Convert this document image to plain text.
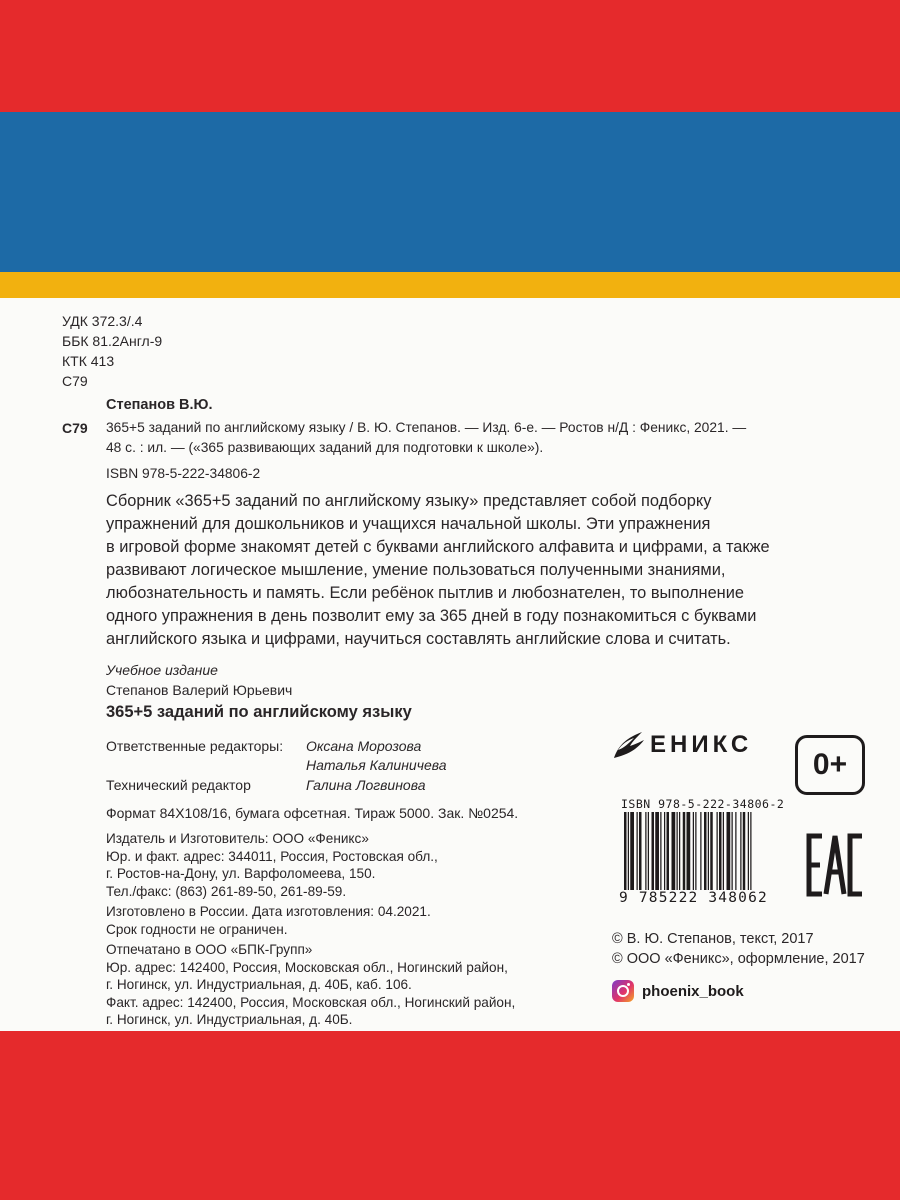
УДК 372.3/.4
ББК 81.2Англ-9
КТК 413
С79
Степанов В.Ю.
С79 365+5 заданий по английскому языку / В. Ю. Степанов. — Изд. 6-е. — Ростов н/Д : Феникс, 2021. —
48 с. : ил. — («365 развивающих заданий для подготовки к школе»).
ISBN 978-5-222-34806-2
Сборник «365+5 заданий по английскому языку» представляет собой подборку
упражнений для дошкольников и учащихся начальной школы. Эти упражнения
в игровой форме знакомят детей с буквами английского алфавита и цифрами, а также
развивают логическое мышление, умение пользоваться полученными знаниями,
любознательность и память. Если ребёнок пытлив и любознателен, то выполнение
одного упражнения в день позволит ему за 365 дней в году познакомиться с буквами
английского языка и цифрами, научиться составлять английские слова и считать.
Учебное издание
Степанов Валерий Юрьевич
365+5 заданий по английскому языку
Ответственные редакторы: Оксана Морозова
Наталья Калиничева
Технический редактор	Галина Логвинова
Формат 84X108/16, бумага офсетная. Тираж 5000. Зак. №0254.
Издатель и Изготовитель: ООО «Феникс»
Юр. и факт. адрес: 344011, Россия, Ростовская обл.,
г. Ростов-на-Дону, ул. Варфоломеева, 150.
Тел./факс: (863) 261-89-50, 261-89-59.
Изготовлено в России. Дата изготовления: 04.2021.
Срок годности не ограничен.
Отпечатано в ООО «БПК-Групп»
Юр. адрес: 142400, Россия, Московская обл., Ногинский район,
г. Ногинск, ул. Индустриальная, д. 40Б, каб. 106.
Факт. адрес: 142400, Россия, Московская обл., Ногинский район,
г. Ногинск, ул. Индустриальная, д. 40Б.
ЕНИКС
0+
ISBN 978-5-222-34806-2
9 785222 348062
© В. Ю. Степанов, текст, 2017
© ООО «Феникс», оформление, 2017
phoenix_book
